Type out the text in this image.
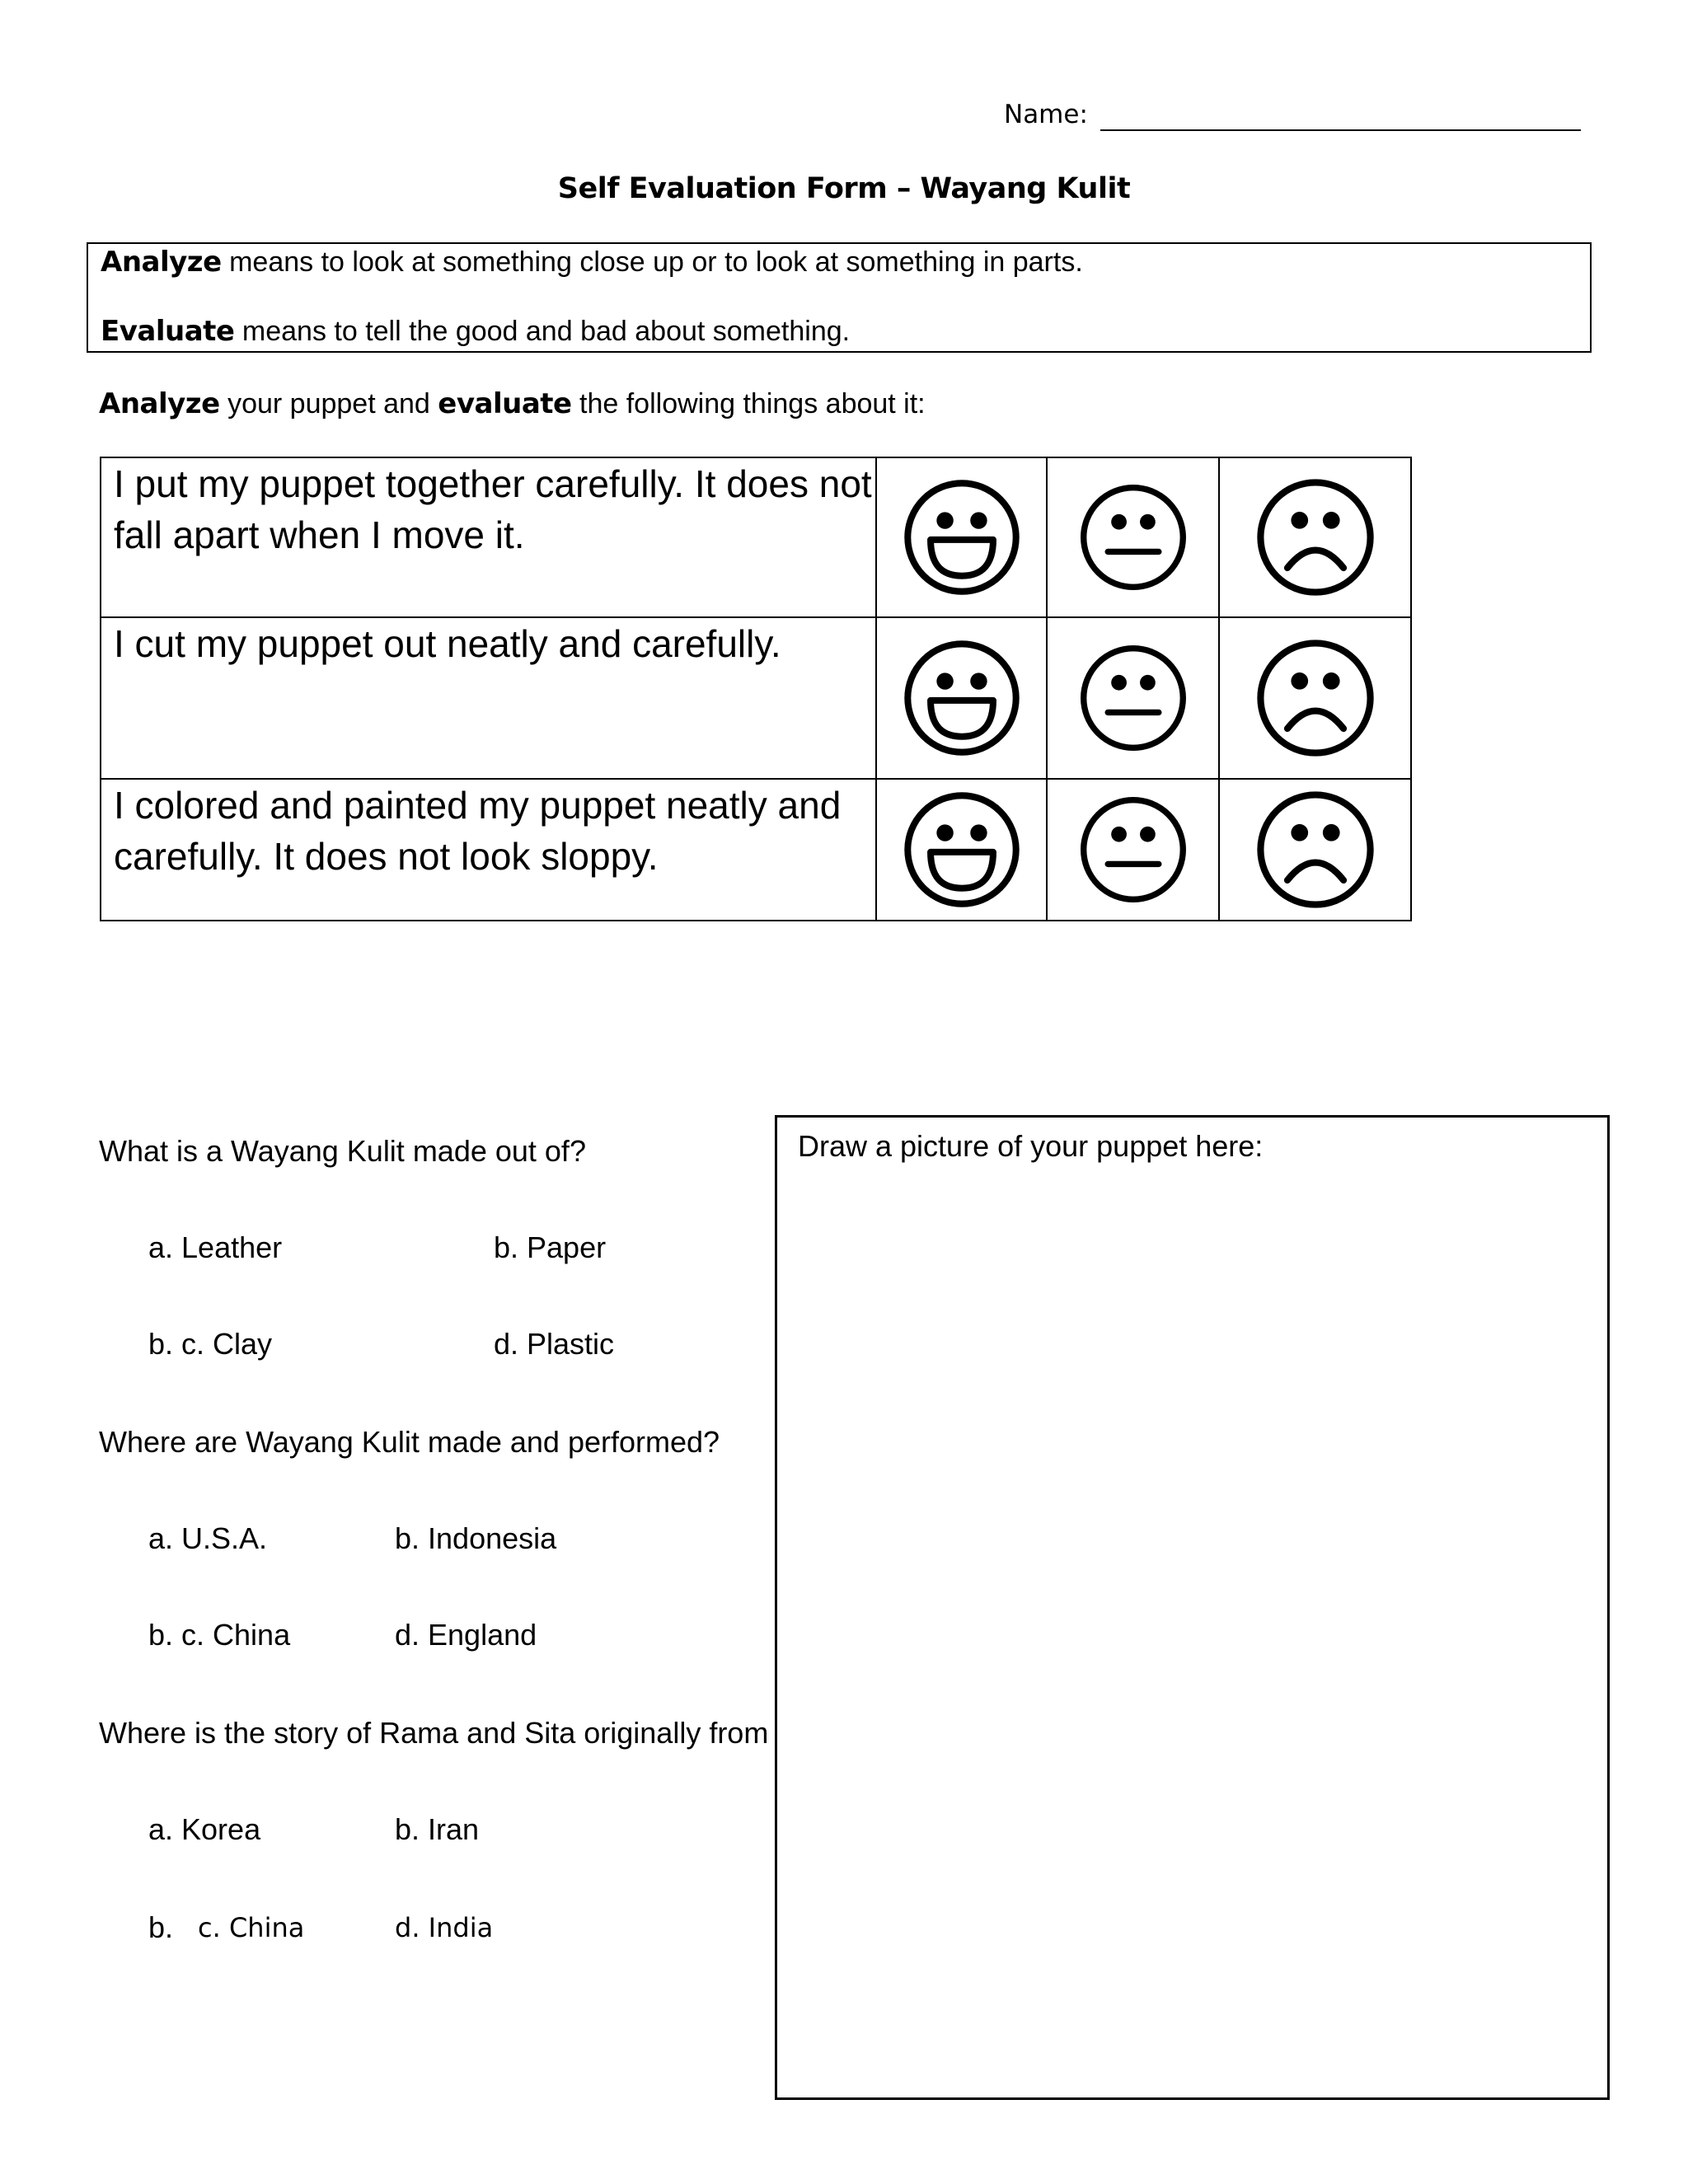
Name:
Self Evaluation Form – Wayang Kulit
Analyze means to look at something close up or to look at something in parts.
Evaluate means to tell the good and bad about something.
Analyze your puppet and evaluate the following things about it:
I put my puppet together carefully. It does not fall apart when I move it.	

I cut my puppet out neatly and carefully.	

I colored and painted my puppet neatly and carefully. It does not look sloppy.	

What is a Wayang Kulit made out of?
a. Leather	b. Paper
b. c. Clay	d. Plastic
Where are Wayang Kulit made and performed?
a. U.S.A.	b. Indonesia
b. c. China	d. England
Where is the story of Rama and Sita originally from
a. Korea	b. Iran
b. c. China	d. India
Draw a picture of your puppet here:
